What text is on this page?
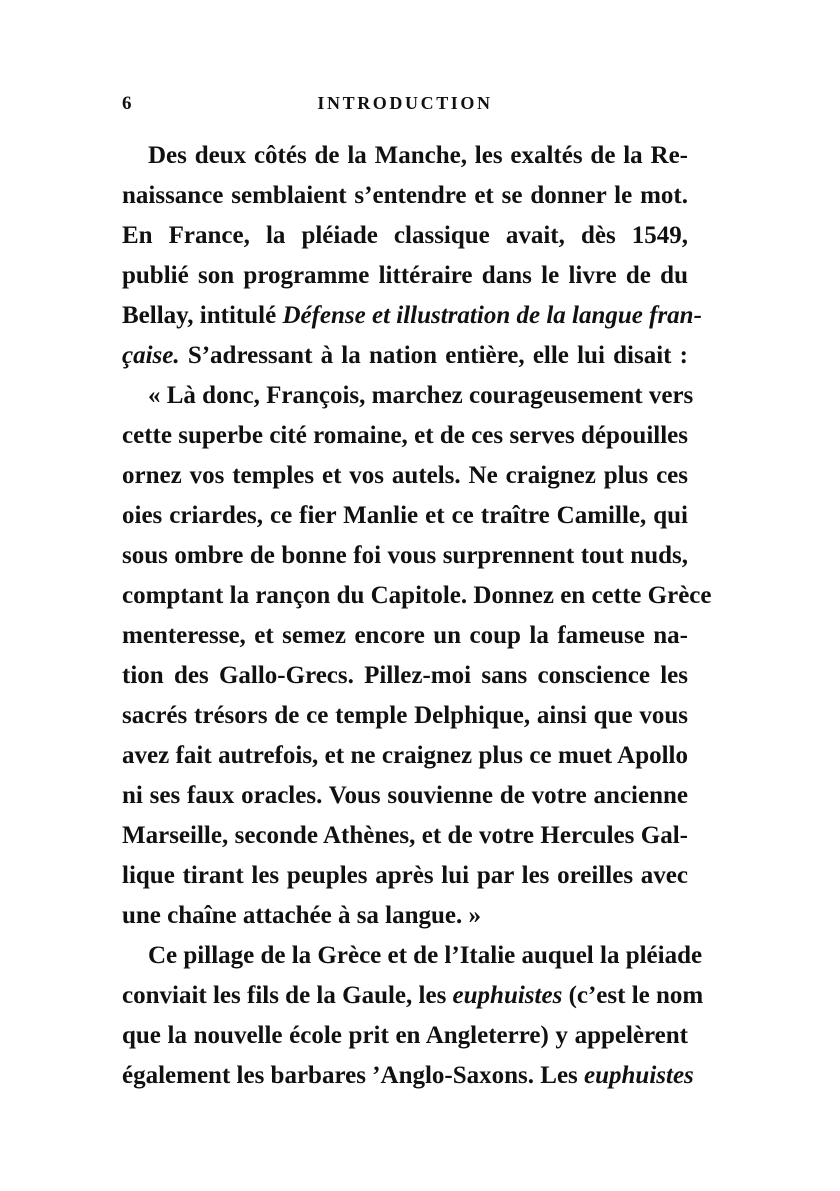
6	INTRODUCTION
Des deux côtés de la Manche, les exaltés de la Re-
naissance semblaient s’entendre et se donner le mot.
En France, la pléiade classique avait, dès 1549,
publié son programme littéraire dans le livre de du
Bellay, intitulé Défense et illustration de la langue fran-
çaise. S’adressant à la nation entière, elle lui disait :
« Là donc, François, marchez courageusement vers
cette superbe cité romaine, et de ces serves dépouilles
ornez vos temples et vos autels. Ne craignez plus ces
oies criardes, ce fier Manlie et ce traître Camille, qui
sous ombre de bonne foi vous surprennent tout nuds,
comptant la rançon du Capitole. Donnez en cette Grèce
menteresse, et semez encore un coup la fameuse na-
tion des Gallo-Grecs. Pillez-moi sans conscience les
sacrés trésors de ce temple Delphique, ainsi que vous
avez fait autrefois, et ne craignez plus ce muet Apollo
ni ses faux oracles. Vous souvienne de votre ancienne
Marseille, seconde Athènes, et de votre Hercules Gal-
lique tirant les peuples après lui par les oreilles avec
une chaîne attachée à sa langue. »
Ce pillage de la Grèce et de l’Italie auquel la pléiade
conviait les fils de la Gaule, les euphuistes (c’est le nom
que la nouvelle école prit en Angleterre) y appelèrent
également les barbares ’Anglo-Saxons. Les euphuistes
